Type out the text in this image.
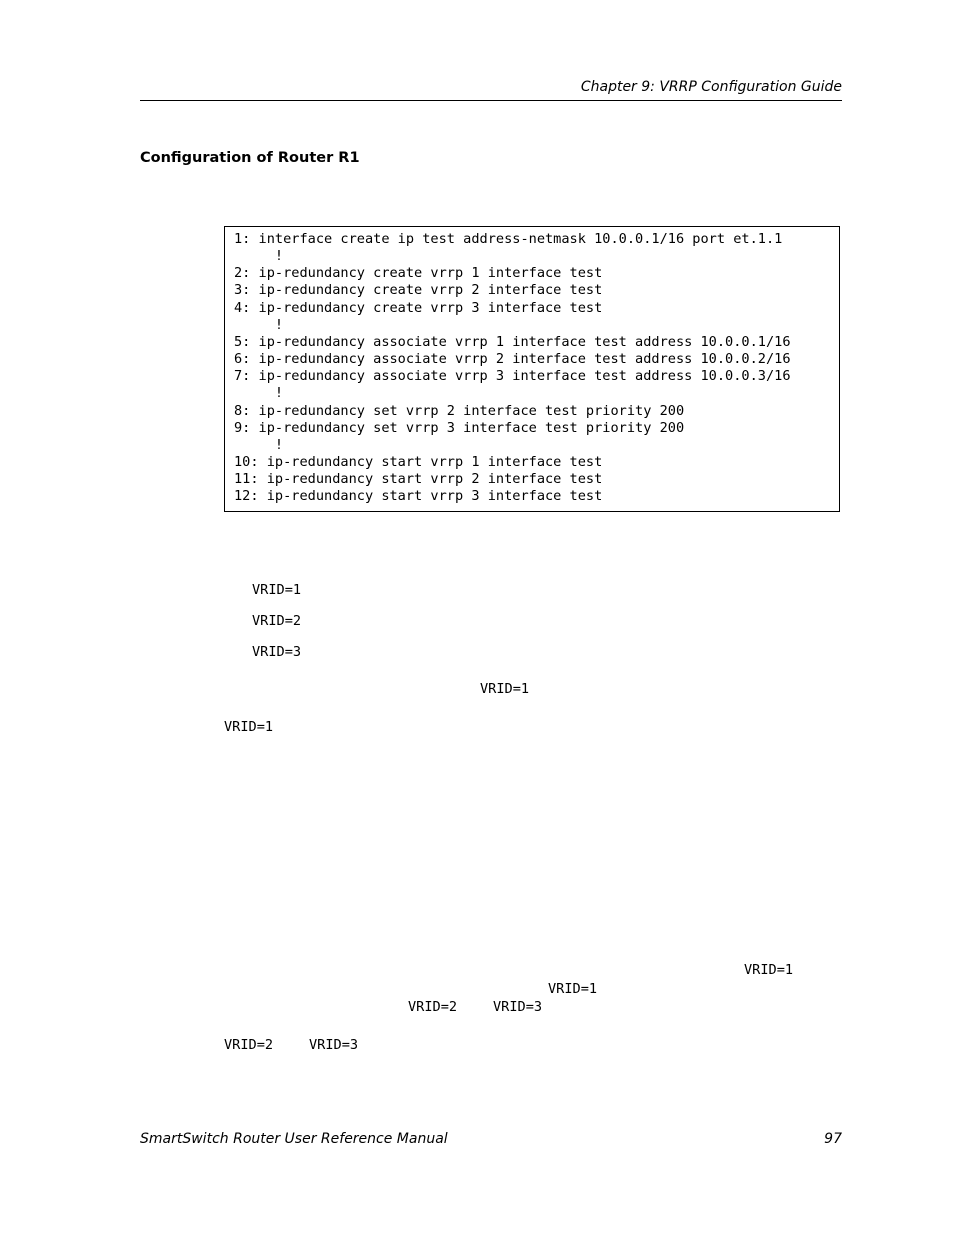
Chapter 9: VRRP Configuration Guide
Configuration of Router R1
1: interface create ip test address-netmask 10.0.0.1/16 port et.1.1
!
2: ip-redundancy create vrrp 1 interface test
3: ip-redundancy create vrrp 2 interface test
4: ip-redundancy create vrrp 3 interface test
!
5: ip-redundancy associate vrrp 1 interface test address 10.0.0.1/16
6: ip-redundancy associate vrrp 2 interface test address 10.0.0.2/16
7: ip-redundancy associate vrrp 3 interface test address 10.0.0.3/16
!
8: ip-redundancy set vrrp 2 interface test priority 200
9: ip-redundancy set vrrp 3 interface test priority 200
!
10: ip-redundancy start vrrp 1 interface test
11: ip-redundancy start vrrp 2 interface test
12: ip-redundancy start vrrp 3 interface test
VRID=1
VRID=2
VRID=3
VRID=1
VRID=1
VRID=1
VRID=1
VRID=2	VRID=3
VRID=2	VRID=3
SmartSwitch Router User Reference Manual	97
